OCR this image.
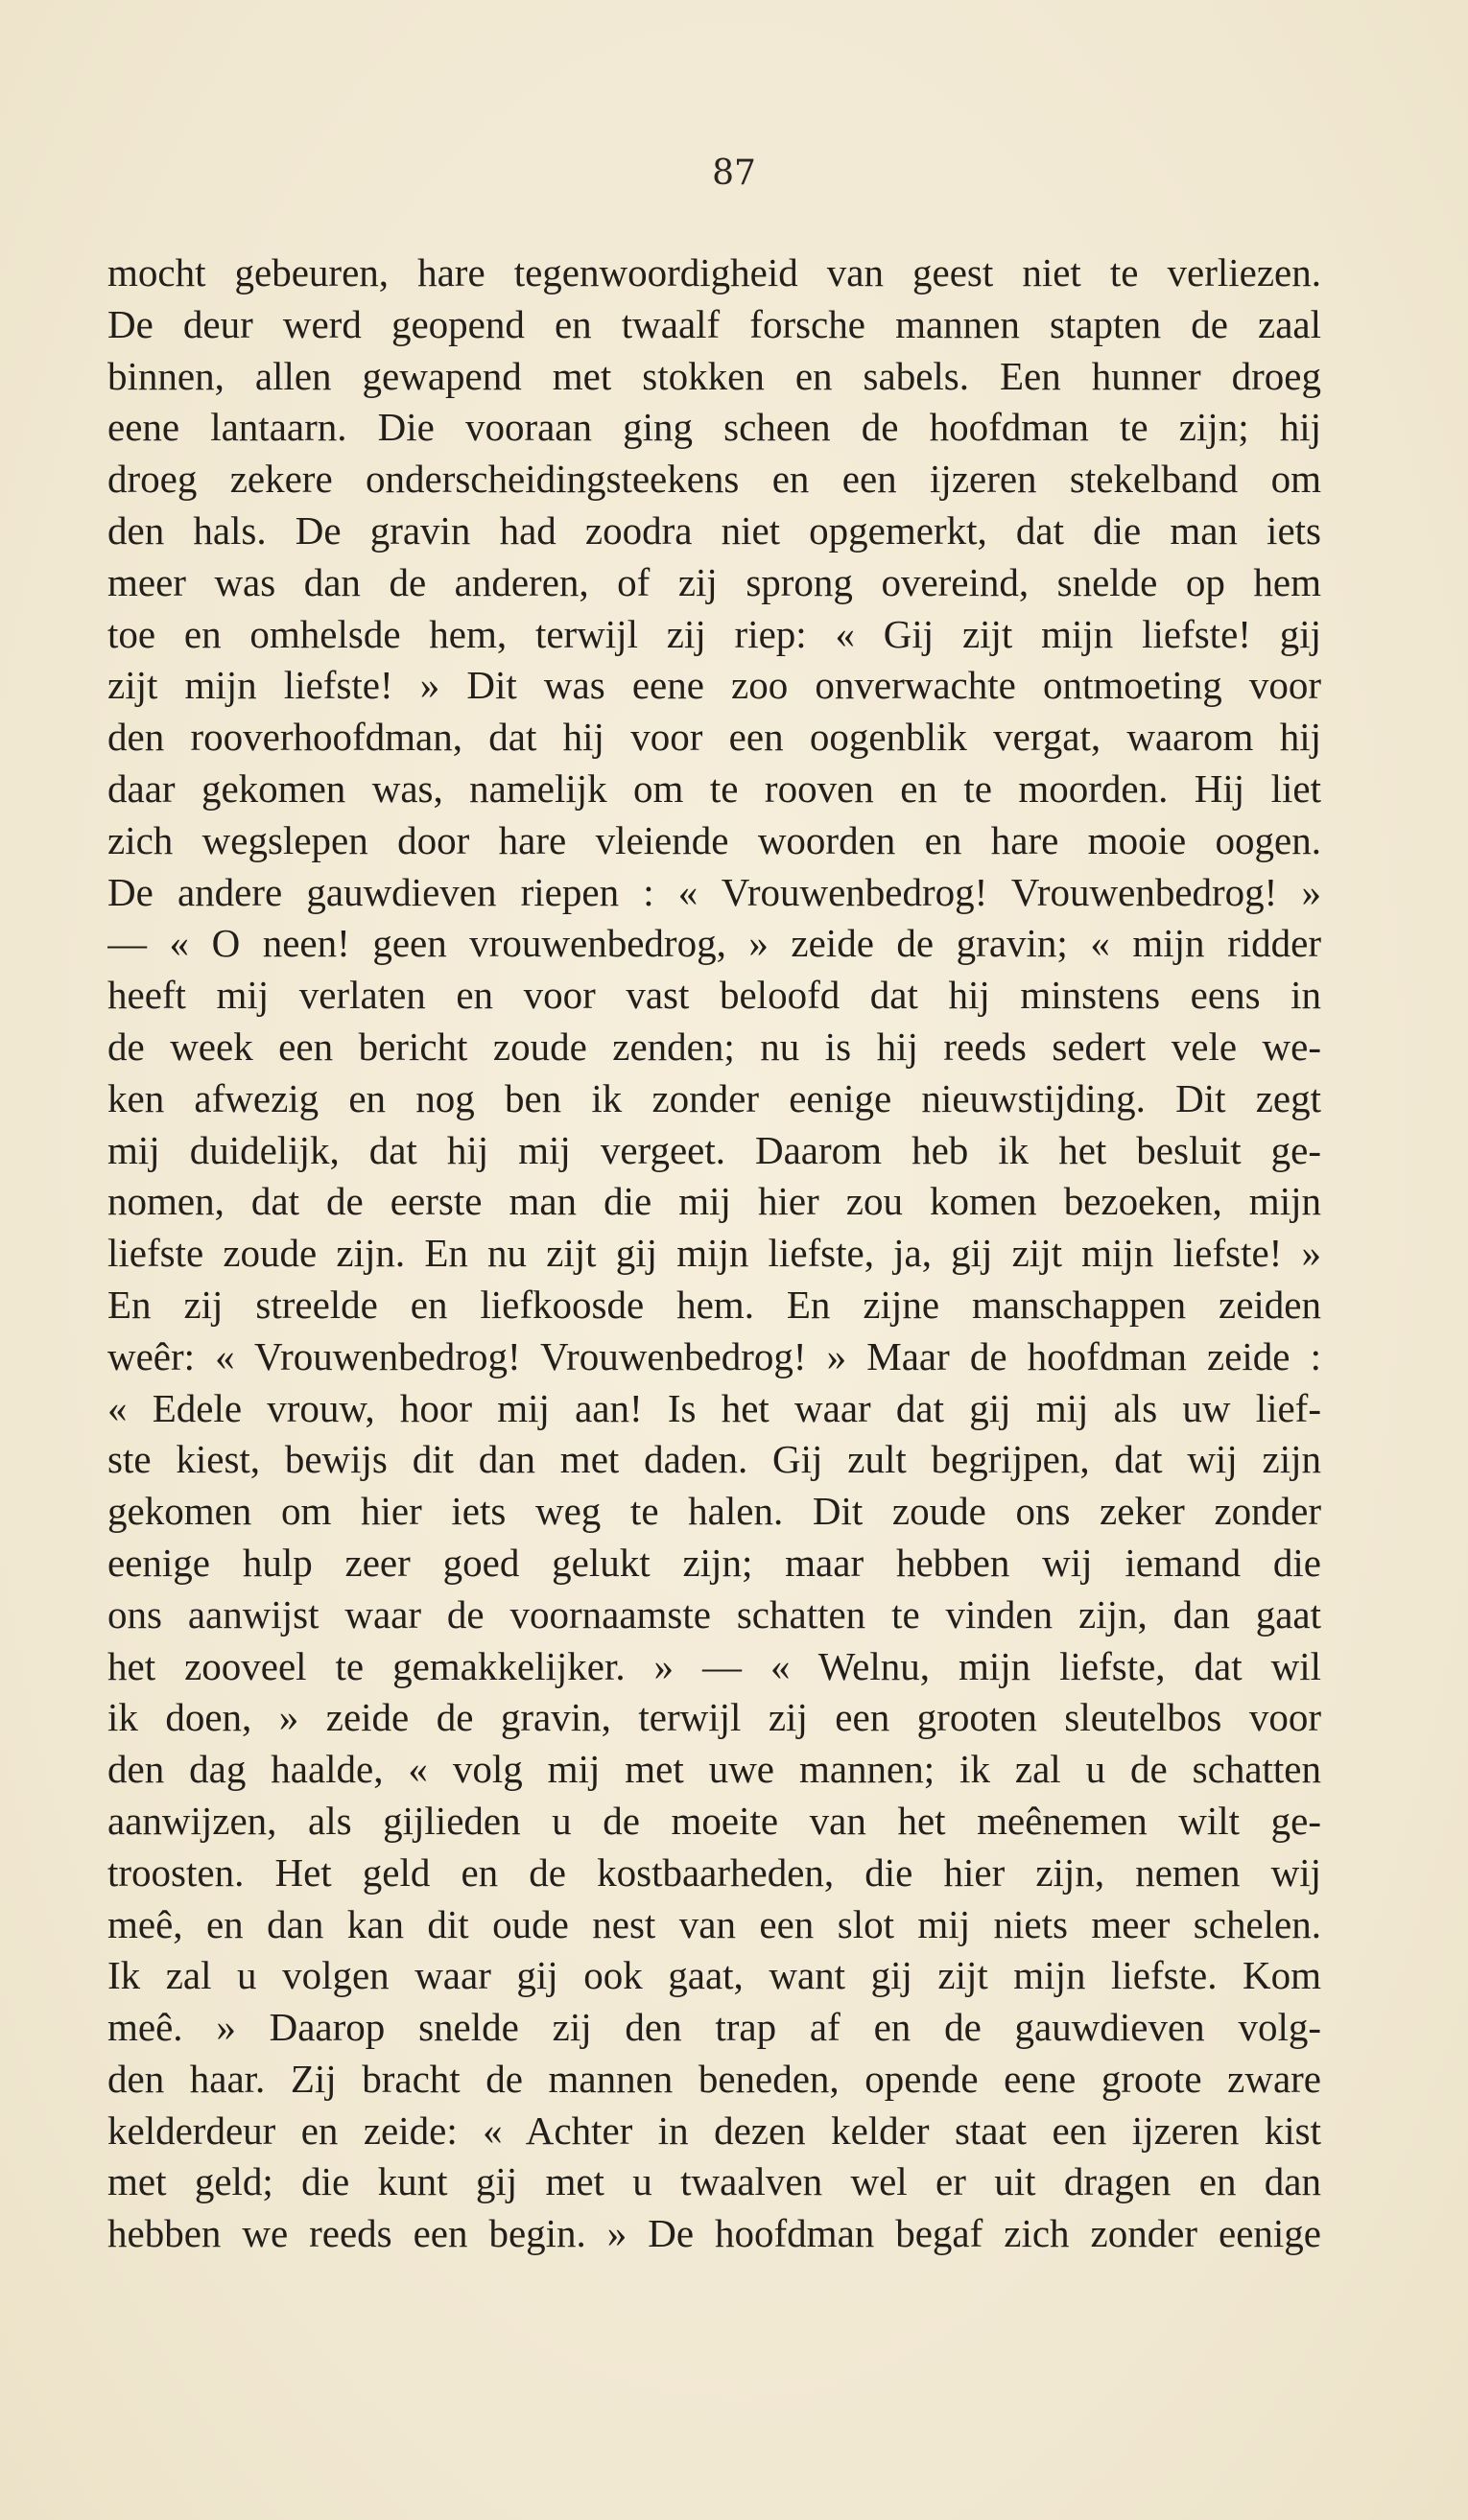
87
mocht gebeuren, hare tegenwoordigheid van geest niet te verliezen.
De deur werd geopend en twaalf forsche mannen stapten de zaal
binnen, allen gewapend met stokken en sabels. Een hunner droeg
eene lantaarn. Die vooraan ging scheen de hoofdman te zijn; hij
droeg zekere onderscheidingsteekens en een ijzeren stekelband om
den hals. De gravin had zoodra niet opgemerkt, dat die man iets
meer was dan de anderen, of zij sprong overeind, snelde op hem
toe en omhelsde hem, terwijl zij riep: « Gij zijt mijn liefste! gij
zijt mijn liefste! » Dit was eene zoo onverwachte ontmoeting voor
den rooverhoofdman, dat hij voor een oogenblik vergat, waarom hij
daar gekomen was, namelijk om te rooven en te moorden. Hij liet
zich wegslepen door hare vleiende woorden en hare mooie oogen.
De andere gauwdieven riepen : « Vrouwenbedrog! Vrouwenbedrog! »
— « O neen! geen vrouwenbedrog, » zeide de gravin; « mijn ridder
heeft mij verlaten en voor vast beloofd dat hij minstens eens in
de week een bericht zoude zenden; nu is hij reeds sedert vele we-
ken afwezig en nog ben ik zonder eenige nieuwstijding. Dit zegt
mij duidelijk, dat hij mij vergeet. Daarom heb ik het besluit ge-
nomen, dat de eerste man die mij hier zou komen bezoeken, mijn
liefste zoude zijn. En nu zijt gij mijn liefste, ja, gij zijt mijn liefste! »
En zij streelde en liefkoosde hem. En zijne manschappen zeiden
weêr: « Vrouwenbedrog! Vrouwenbedrog! » Maar de hoofdman zeide :
« Edele vrouw, hoor mij aan! Is het waar dat gij mij als uw lief-
ste kiest, bewijs dit dan met daden. Gij zult begrijpen, dat wij zijn
gekomen om hier iets weg te halen. Dit zoude ons zeker zonder
eenige hulp zeer goed gelukt zijn; maar hebben wij iemand die
ons aanwijst waar de voornaamste schatten te vinden zijn, dan gaat
het zooveel te gemakkelijker. » — « Welnu, mijn liefste, dat wil
ik doen, » zeide de gravin, terwijl zij een grooten sleutelbos voor
den dag haalde, « volg mij met uwe mannen; ik zal u de schatten
aanwijzen, als gijlieden u de moeite van het meênemen wilt ge-
troosten. Het geld en de kostbaarheden, die hier zijn, nemen wij
meê, en dan kan dit oude nest van een slot mij niets meer schelen.
Ik zal u volgen waar gij ook gaat, want gij zijt mijn liefste. Kom
meê. » Daarop snelde zij den trap af en de gauwdieven volg-
den haar. Zij bracht de mannen beneden, opende eene groote zware
kelderdeur en zeide: « Achter in dezen kelder staat een ijzeren kist
met geld; die kunt gij met u twaalven wel er uit dragen en dan
hebben we reeds een begin. » De hoofdman begaf zich zonder eenige
